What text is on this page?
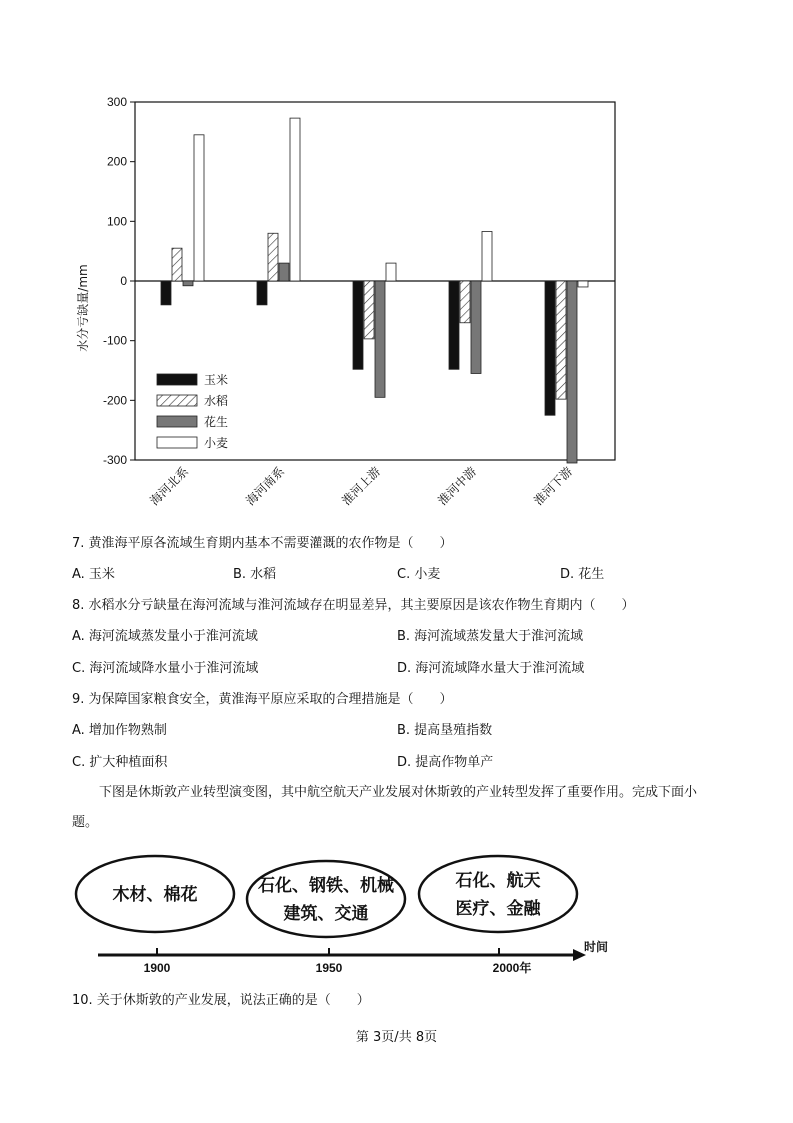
300
200
100
0
-100
-200
-300
海河北系	海河南系	淮河上游	淮河中游	淮河下游
玉米
水稻
花生
小麦
水分亏缺量/mm
7. 黄淮海平原各流域生育期内基本不需要灌溉的农作物是（　　）
A. 玉米	B. 水稻	C. 小麦	D. 花生
8. 水稻水分亏缺量在海河流域与淮河流域存在明显差异，其主要原因是该农作物生育期内（　　）
A. 海河流域蒸发量小于淮河流域	B. 海河流域蒸发量大于淮河流域
C. 海河流域降水量小于淮河流域	D. 海河流域降水量大于淮河流域
9. 为保障国家粮食安全，黄淮海平原应采取的合理措施是（　　）
A. 增加作物熟制	B. 提高垦殖指数
C. 扩大种植面积	D. 提高作物单产
下图是休斯敦产业转型演变图，其中航空航天产业发展对休斯敦的产业转型发挥了重要作用。完成下面小题。
木材、棉花	石化、钢铁、机械
建筑、交通
石化、航天
医疗、金融
1900	1950	2000年
时间
10. 关于休斯敦的产业发展，说法正确的是（　　）
第 3页/共 8页
